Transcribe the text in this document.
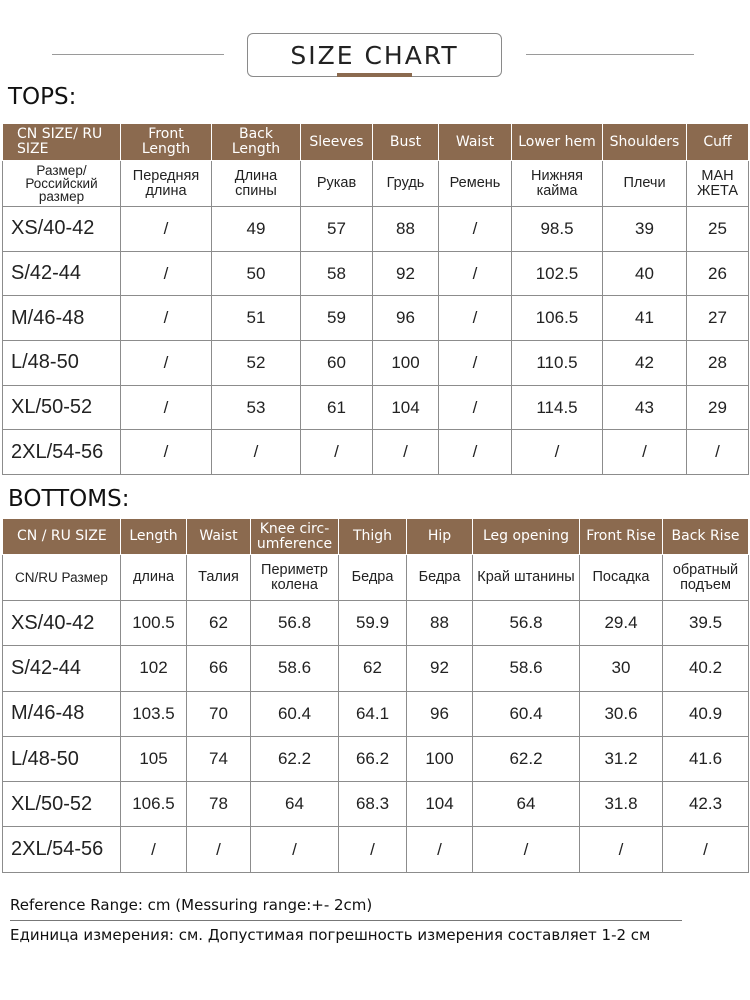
SIZE CHART
TOPS:
CN SIZE/ RU SIZE	Front Length	Back Length	Sleeves	Bust	Waist	Lower hem	Shoulders	Cuff
Размер/ Российский размер	Передняя длина	Длина спины	Рукав	Грудь	Ремень	Нижняя кайма	Плечи	МАН ЖЕТА
XS/40-42	/	49	57	88	/	98.5	39	25
S/42-44	/	50	58	92	/	102.5	40	26
M/46-48	/	51	59	96	/	106.5	41	27
L/48-50	/	52	60	100	/	110.5	42	28
XL/50-52	/	53	61	104	/	114.5	43	29
2XL/54-56	/	/	/	/	/	/	/	/
BOTTOMS:
CN / RU SIZE	Length	Waist	Knee circ- umference	Thigh	Hip	Leg opening	Front Rise	Back Rise
CN/RU Размер	длина	Талия	Периметр колена	Бедра	Бедра	Край штанины	Посадка	обратный подъем
XS/40-42	100.5	62	56.8	59.9	88	56.8	29.4	39.5
S/42-44	102	66	58.6	62	92	58.6	30	40.2
M/46-48	103.5	70	60.4	64.1	96	60.4	30.6	40.9
L/48-50	105	74	62.2	66.2	100	62.2	31.2	41.6
XL/50-52	106.5	78	64	68.3	104	64	31.8	42.3
2XL/54-56	/	/	/	/	/	/	/	/
Reference Range: cm (Messuring range:+- 2cm)
Единица измерения: см. Допустимая погрешность измерения составляет 1-2 см
